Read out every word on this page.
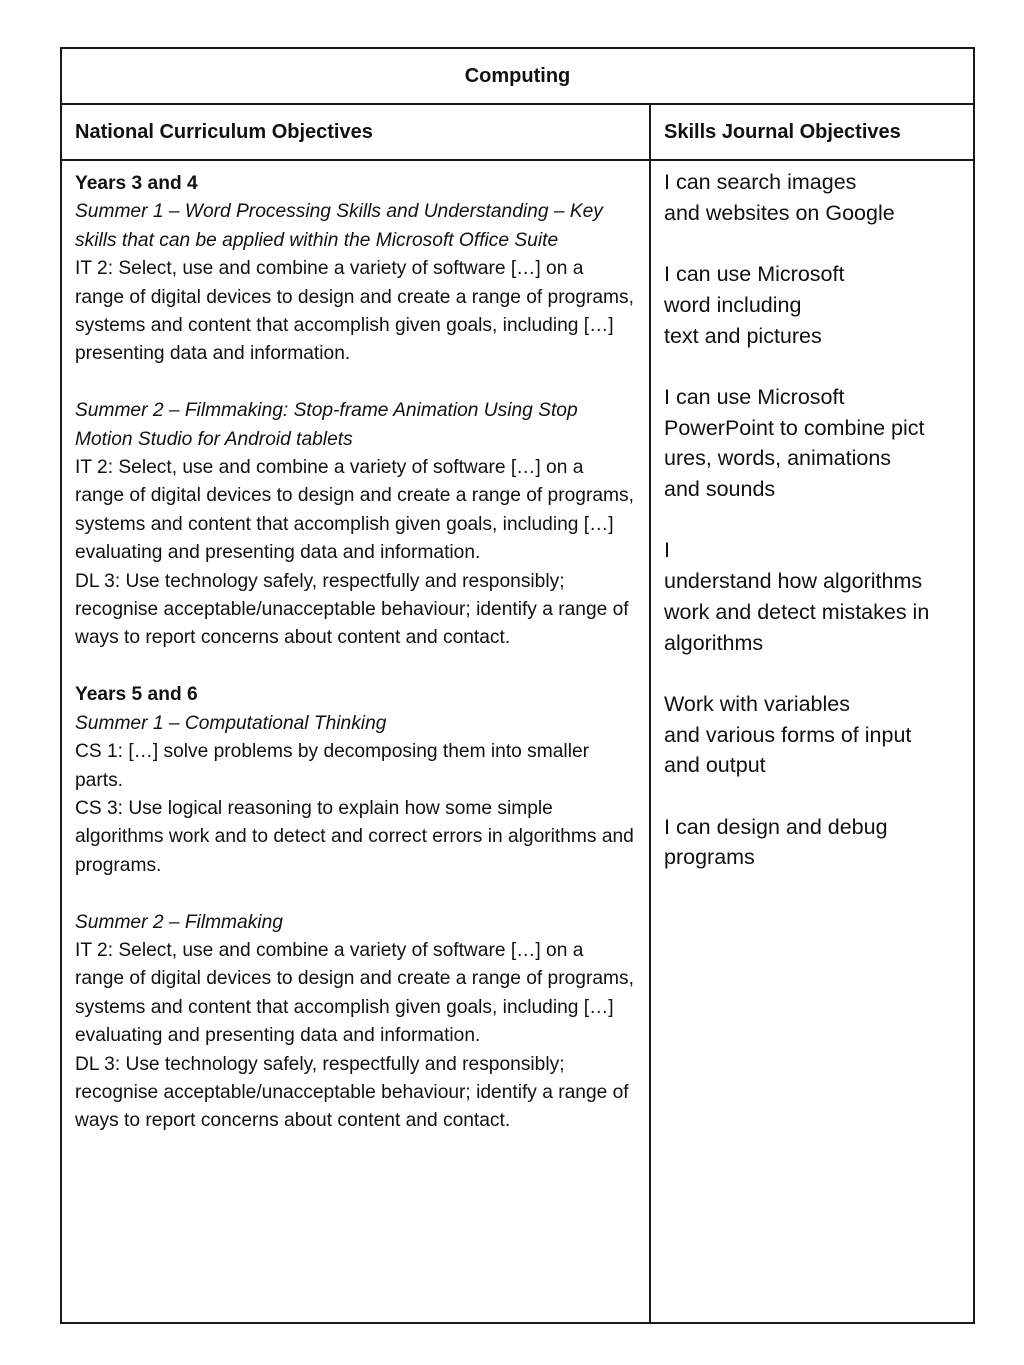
Computing
National Curriculum Objectives	Skills Journal Objectives

Years 3 and 4

Summer 1 – Word Processing Skills and Understanding – Key skills that can be applied within the Microsoft Office Suite

IT 2: Select, use and combine a variety of software […] on a range of digital devices to design and create a range of programs, systems and content that accomplish given goals, including […] presenting data and information.

Summer 2 – Filmmaking: Stop-frame Animation Using Stop Motion Studio for Android tablets

IT 2: Select, use and combine a variety of software […] on a range of digital devices to design and create a range of programs, systems and content that accomplish given goals, including […] evaluating and presenting data and information.

DL 3: Use technology safely, respectfully and responsibly; recognise acceptable/unacceptable behaviour; identify a range of ways to report concerns about content and contact.

Years 5 and 6

Summer 1 – Computational Thinking

CS 1: […] solve problems by decomposing them into smaller parts.

CS 3: Use logical reasoning to explain how some simple algorithms work and to detect and correct errors in algorithms and programs.

Summer 2 – Filmmaking

IT 2: Select, use and combine a variety of software […] on a range of digital devices to design and create a range of programs, systems and content that accomplish given goals, including […] evaluating and presenting data and information.

DL 3: Use technology safely, respectfully and responsibly; recognise acceptable/unacceptable behaviour; identify a range of ways to report concerns about content and contact.

I can search images
and websites on Google

I can use Microsoft
word including
text and pictures

I can use Microsoft
PowerPoint to combine pict
ures, words, animations
and sounds

I
understand how algorithms
work and detect mistakes in
algorithms

Work with variables
and various forms of input
and output

I can design and debug
programs
